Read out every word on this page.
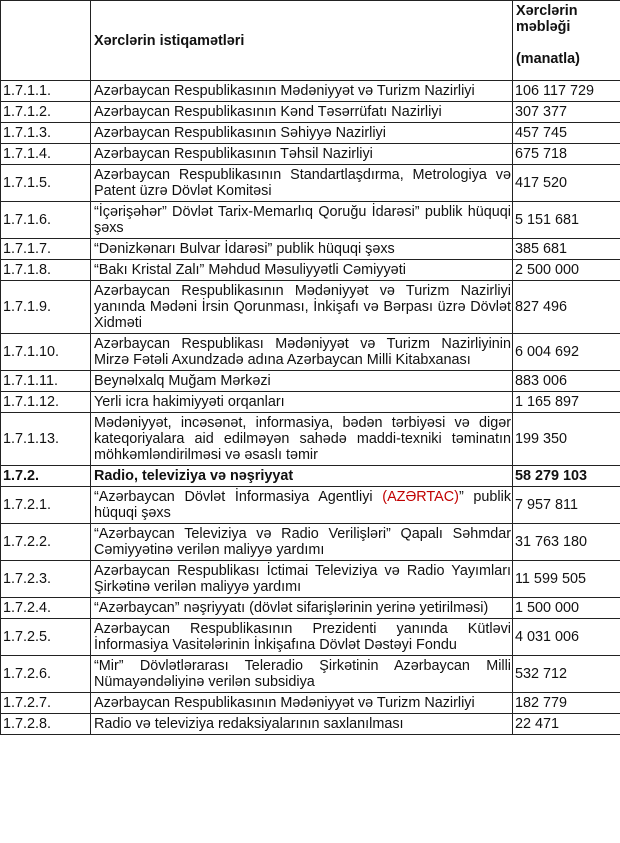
	Xərclərin istiqamətləri	Xərclərin məbləği
(manatla)

1.7.1.1.	Azərbaycan Respublikasının Mədəniyyət və Turizm Nazirliyi	106 117 729
1.7.1.2.	Azərbaycan Respublikasının Kənd Təsərrüfatı Nazirliyi	307 377
1.7.1.3.	Azərbaycan Respublikasının Səhiyyə Nazirliyi	457 745
1.7.1.4.	Azərbaycan Respublikasının Təhsil Nazirliyi	675 718
1.7.1.5.	Azərbaycan Respublikasının Standartlaşdırma, Metrologiya və Patent üzrə Dövlət Komitəsi	417 520
1.7.1.6.	“İçərişəhər” Dövlət Tarix-Memarlıq Qoruğu İdarəsi” publik hüquqi şəxs	5 151 681
1.7.1.7.	“Dənizkənarı Bulvar İdarəsi” publik hüquqi şəxs	385 681
1.7.1.8.	“Bakı Kristal Zalı” Məhdud Məsuliyyətli Cəmiyyəti	2 500 000
1.7.1.9.	Azərbaycan Respublikasının Mədəniyyət və Turizm Nazirliyi yanında Mədəni İrsin Qorunması, İnkişafı və Bərpası üzrə Dövlət Xidməti	827 496
1.7.1.10.	Azərbaycan Respublikası Mədəniyyət və Turizm Nazirliyinin Mirzə Fətəli Axundzadə adına Azərbaycan Milli Kitabxanası	6 004 692
1.7.1.11.	Beynəlxalq Muğam Mərkəzi	883 006
1.7.1.12.	Yerli icra hakimiyyəti orqanları	1 165 897
1.7.1.13.	Mədəniyyət, incəsənət, informasiya, bədən tərbiyəsi və digər kateqoriyalara aid edilməyən sahədə maddi-texniki təminatın möhkəmləndirilməsi və əsaslı təmir	199 350
1.7.2.	Radio, televiziya və nəşriyyat	58 279 103
1.7.2.1.	“Azərbaycan Dövlət İnformasiya Agentliyi (AZƏRTAC)” publik hüquqi şəxs	7 957 811
1.7.2.2.	“Azərbaycan Televiziya və Radio Verilişləri” Qapalı Səhmdar Cəmiyyətinə verilən maliyyə yardımı	31 763 180
1.7.2.3.	Azərbaycan Respublikası İctimai Televiziya və Radio Yayımları Şirkətinə verilən maliyyə yardımı	11 599 505
1.7.2.4.	“Azərbaycan” nəşriyyatı (dövlət sifarişlərinin yerinə yetirilməsi)	1 500 000
1.7.2.5.	Azərbaycan Respublikasının Prezidenti yanında Kütləvi İnformasiya Vasitələrinin İnkişafına Dövlət Dəstəyi Fondu	4 031 006
1.7.2.6.	“Mir” Dövlətlərarası Teleradio Şirkətinin Azərbaycan Milli Nümayəndəliyinə verilən subsidiya	532 712
1.7.2.7.	Azərbaycan Respublikasının Mədəniyyət və Turizm Nazirliyi	182 779
1.7.2.8.	Radio və televiziya redaksiyalarının saxlanılması	22 471
